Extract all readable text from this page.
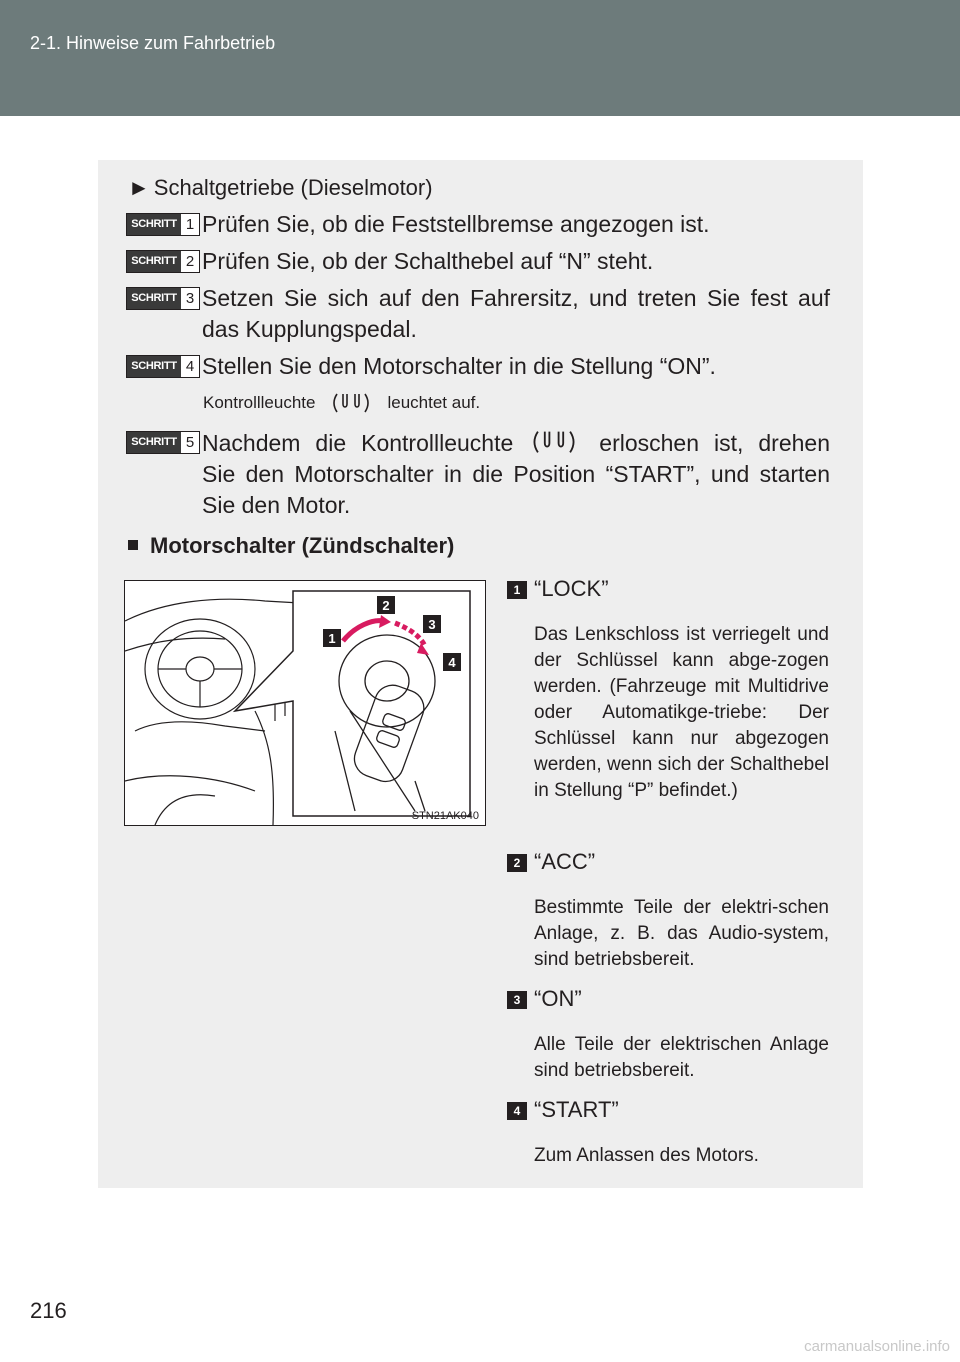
2-1. Hinweise zum Fahrbetrieb
► Schaltgetriebe (Dieselmotor)
SCHRITT 1 Prüfen Sie, ob die Feststellbremse angezogen ist.
SCHRITT 2 Prüfen Sie, ob der Schalthebel auf “N” steht.
SCHRITT 3 Setzen Sie sich auf den Fahrersitz, und treten Sie fest auf das Kupplungspedal.
SCHRITT 4 Stellen Sie den Motorschalter in die Stellung “ON”.
Kontrollleuchte	leuchtet auf.
SCHRITT 5 Nachdem die Kontrollleuchte	erloschen ist, drehen Sie den Motorschalter in die Position “START”, und starten Sie den Motor.
Motorschalter (Zündschalter)
1
2
3
4
STN21AK040
1 “LOCK”
Das Lenkschloss ist verriegelt und der Schlüssel kann abge-zogen werden. (Fahrzeuge mit Multidrive oder Automatikge-triebe: Der Schlüssel kann nur abgezogen werden, wenn sich der Schalthebel in Stellung “P” befindet.)
2 “ACC”
Bestimmte Teile der elektri-schen Anlage, z. B. das Audio-system, sind betriebsbereit.
3 “ON”
Alle Teile der elektrischen Anlage sind betriebsbereit.
4 “START”
Zum Anlassen des Motors.
216
carmanualsonline.info
